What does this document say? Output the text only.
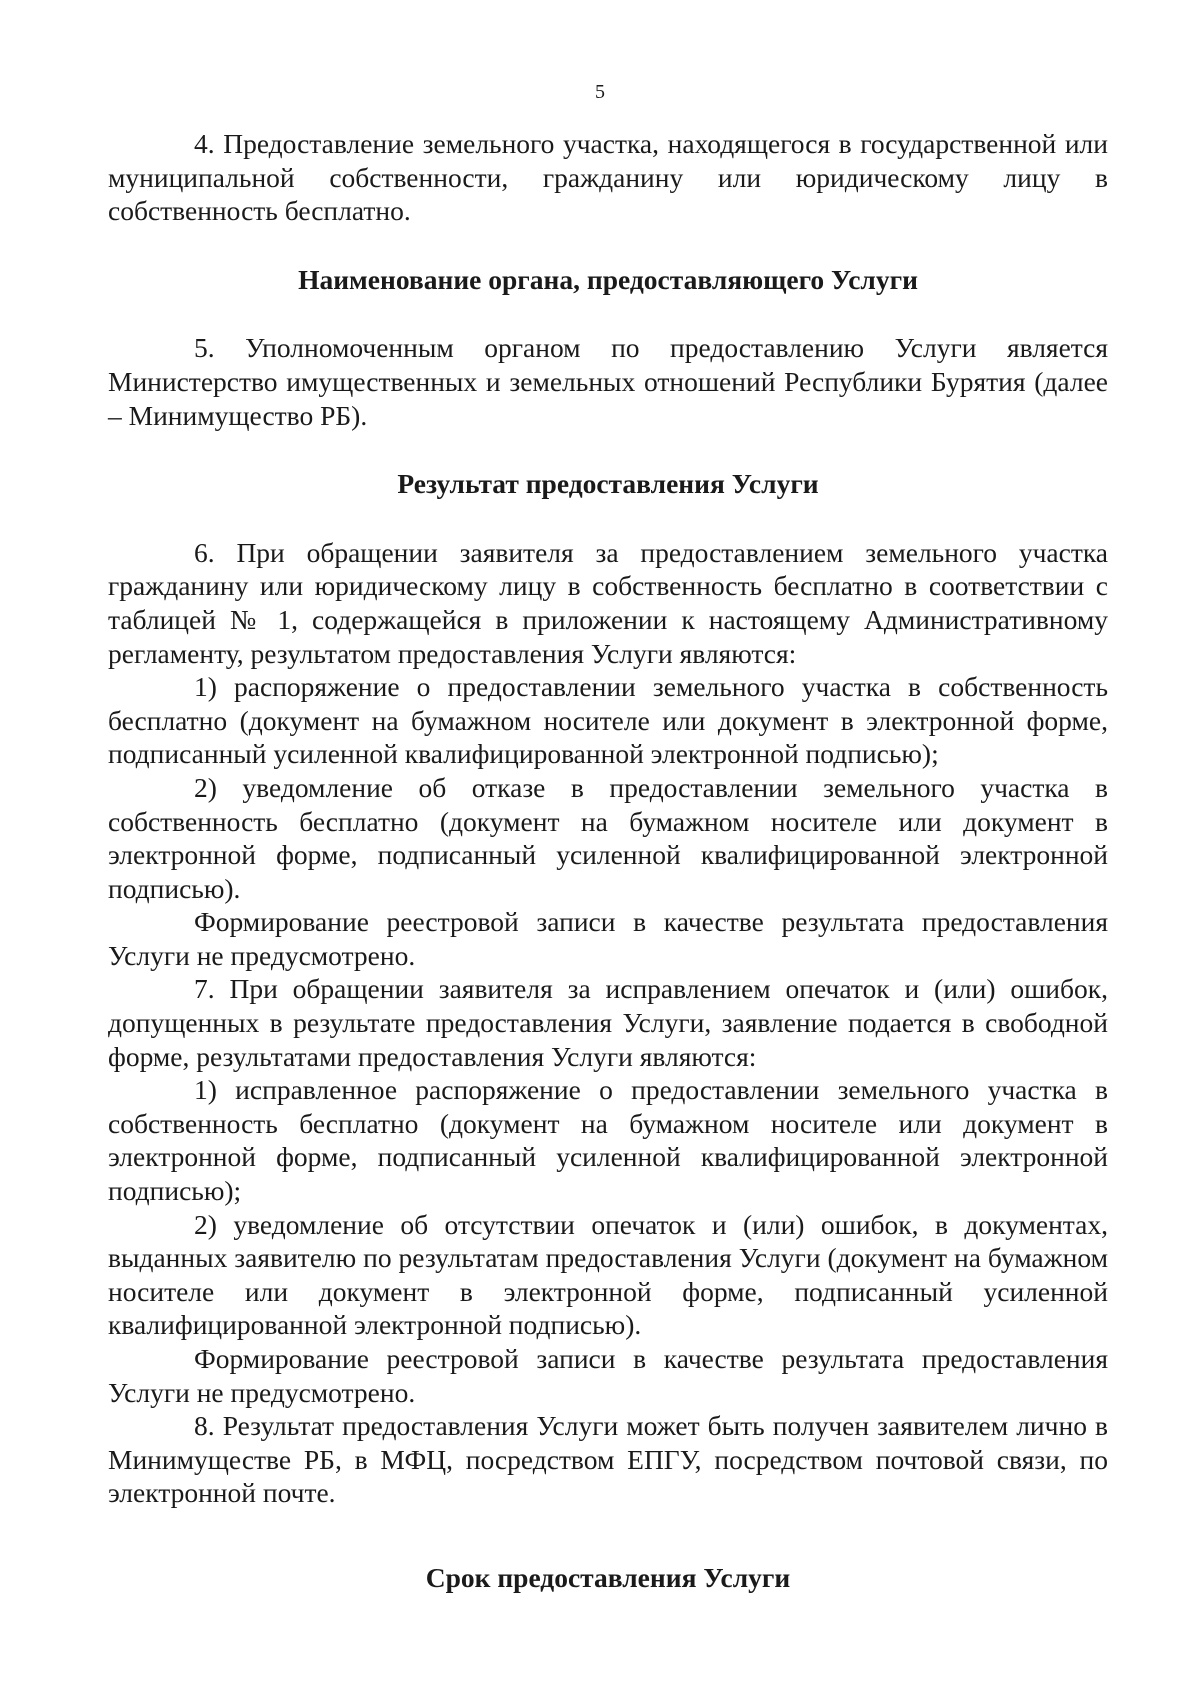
5

4. Предоставление земельного участка, находящегося в государственной или муниципальной собственности, гражданину или юридическому лицу в собственность бесплатно.

Наименование органа, предоставляющего Услуги

5. Уполномоченным органом по предоставлению Услуги является Министерство имущественных и земельных отношений Республики Бурятия (далее – Минимущество РБ).

Результат предоставления Услуги

6. При обращении заявителя за предоставлением земельного участка гражданину или юридическому лицу в собственность бесплатно в соответствии с таблицей № 1, содержащейся в приложении к настоящему Административному регламенту, результатом предоставления Услуги являются:

1) распоряжение о предоставлении земельного участка в собственность бесплатно (документ на бумажном носителе или документ в электронной форме, подписанный усиленной квалифицированной электронной подписью);

2) уведомление об отказе в предоставлении земельного участка в собственность бесплатно (документ на бумажном носителе или документ в электронной форме, подписанный усиленной квалифицированной электронной подписью).

Формирование реестровой записи в качестве результата предоставления Услуги не предусмотрено.

7. При обращении заявителя за исправлением опечаток и (или) ошибок, допущенных в результате предоставления Услуги, заявление подается в свободной форме, результатами предоставления Услуги являются:

1) исправленное распоряжение о предоставлении земельного участка в собственность бесплатно (документ на бумажном носителе или документ в электронной форме, подписанный усиленной квалифицированной электронной подписью);

2) уведомление об отсутствии опечаток и (или) ошибок, в документах, выданных заявителю по результатам предоставления Услуги (документ на бумажном носителе или документ в электронной форме, подписанный усиленной квалифицированной электронной подписью).

Формирование реестровой записи в качестве результата предоставления Услуги не предусмотрено.

8. Результат предоставления Услуги может быть получен заявителем лично в Минимуществе РБ, в МФЦ, посредством ЕПГУ, посредством почтовой связи, по электронной почте.

Срок предоставления Услуги
